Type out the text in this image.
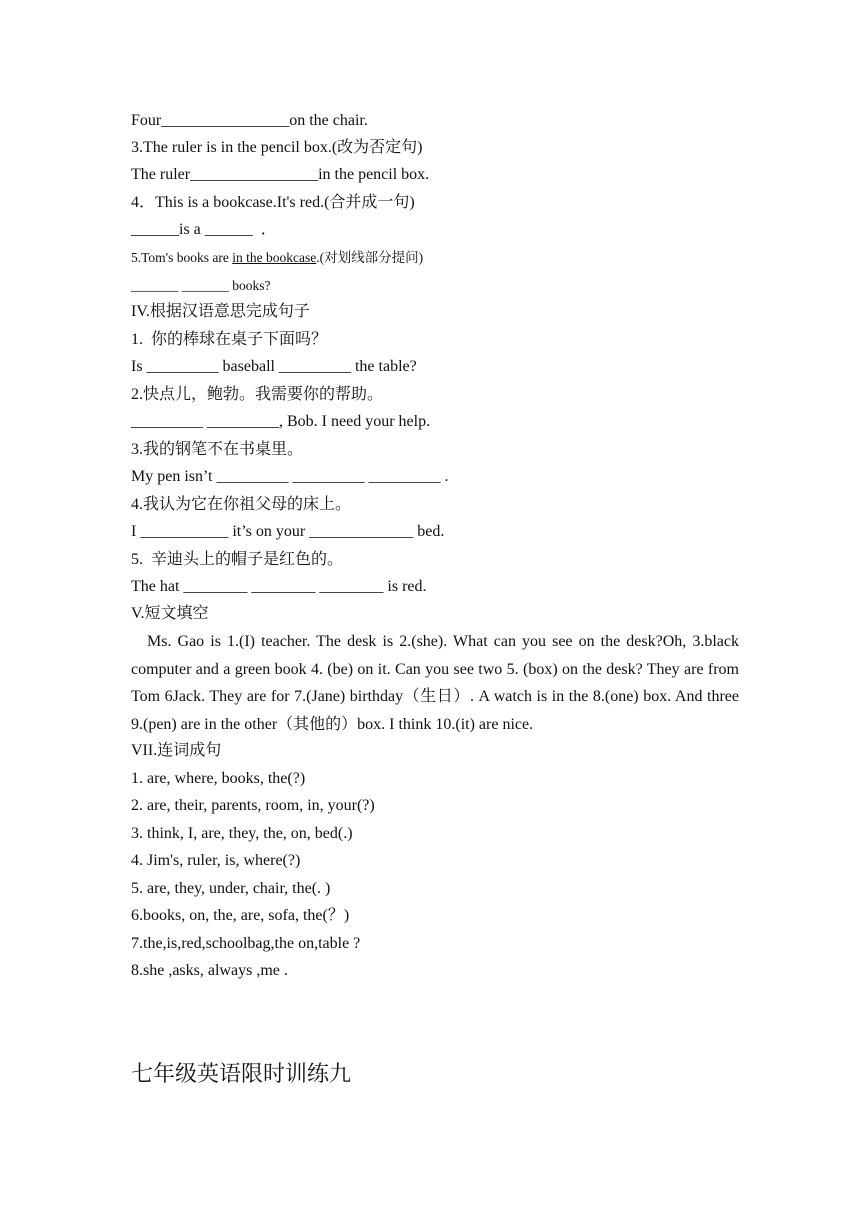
Four________________on the chair.
3.The ruler is in the pencil box.(改为否定句)
The ruler________________in the pencil box.
4．This is a bookcase.It's red.(合并成一句)
______is a ______  ．
5.Tom's books are in the bookcase.(对划线部分提问)
_______ _______ books?
IV.根据汉语意思完成句子
1.  你的棒球在桌子下面吗？
Is _________ baseball _________ the table?
2.快点儿，鲍勃。我需要你的帮助。
_________ _________, Bob. I need your help.
3.我的钢笔不在书桌里。
My pen isn’t _________ _________ _________ .
4.我认为它在你祖父母的床上。
I ___________ it’s on your _____________ bed.
5.  辛迪头上的帽子是红色的。
The hat ________ ________ ________ is red.
V.短文填空
Ms. Gao is 1.(I) teacher. The desk is 2.(she). What can you see on the desk?Oh, 3.black computer and a green book 4. (be) on it. Can you see two 5. (box) on the desk? They are from Tom 6Jack. They are for 7.(Jane) birthday（生日）. A watch is in the 8.(one) box. And three 9.(pen) are in the other（其他的）box. I think 10.(it) are nice.
VII.连词成句
1. are, where, books, the(?)
2. are, their, parents, room, in, your(?)
3. think, I, are, they, the, on, bed(.)
4. Jim's, ruler, is, where(?)
5. are, they, under, chair, the(. )
6.books, on, the, are, sofa, the(？)
7.the,is,red,schoolbag,the on,table ?
8.she ,asks, always ,me .
七年级英语限时训练九
